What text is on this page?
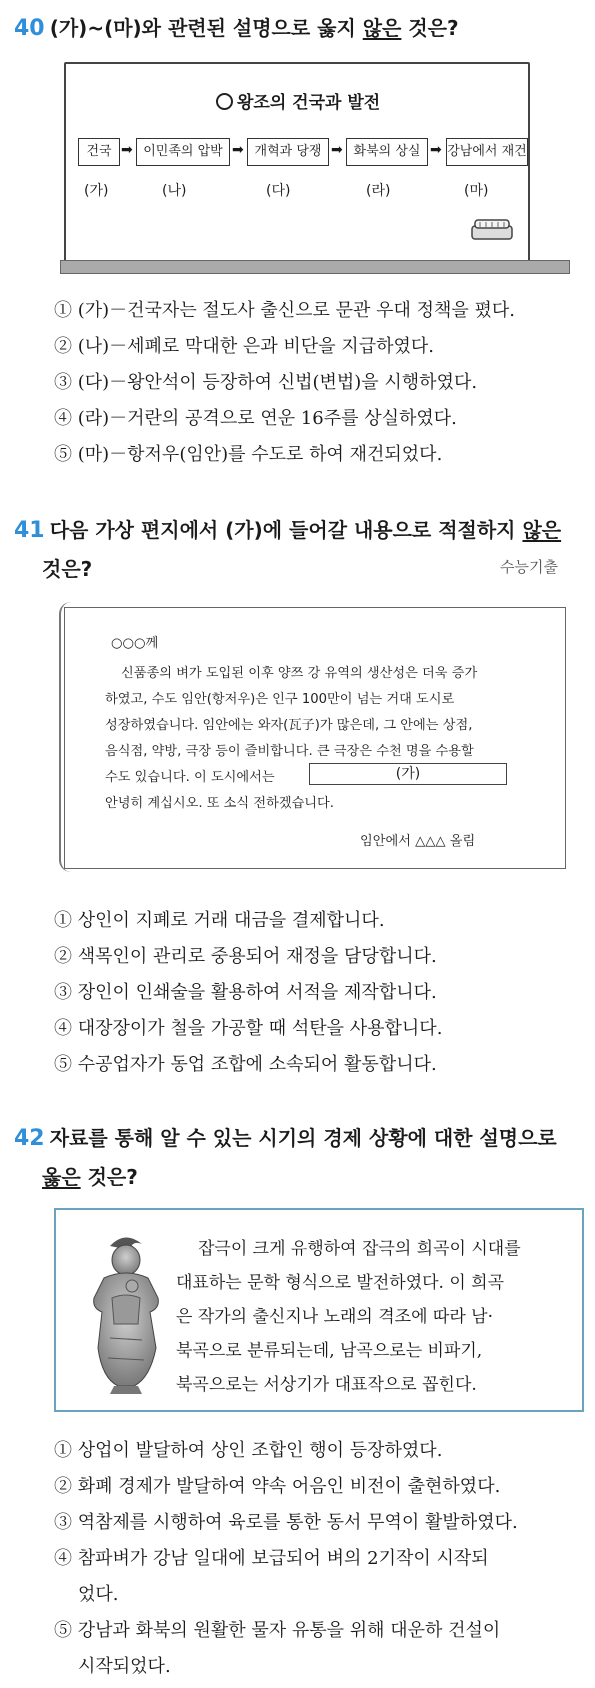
40 (가)~(마)와 관련된 설명으로 옳지 않은 것은?
왕조의 건국과 발전
건국 ➡ 이민족의 압박 ➡ 개혁과 당쟁 ➡ 화북의 상실 ➡ 강남에서 재건
(가)	(나)	(다)	(라)	(마)
① (가)－건국자는 절도사 출신으로 문관 우대 정책을 폈다.
② (나)－세폐로 막대한 은과 비단을 지급하였다.
③ (다)－왕안석이 등장하여 신법(변법)을 시행하였다.
④ (라)－거란의 공격으로 연운 16주를 상실하였다.
⑤ (마)－항저우(임안)를 수도로 하여 재건되었다.
41 다음 가상 편지에서 (가)에 들어갈 내용으로 적절하지 않은
것은?	수능기출
○○○께
신품종의 벼가 도입된 이후 양쯔 강 유역의 생산성은 더욱 증가
하였고, 수도 임안(항저우)은 인구 100만이 넘는 거대 도시로
성장하였습니다. 임안에는 와자(瓦子)가 많은데, 그 안에는 상점,
음식점, 약방, 극장 등이 즐비합니다. 큰 극장은 수천 명을 수용할
수도 있습니다. 이 도시에서는	(가)
안녕히 계십시오. 또 소식 전하겠습니다.
임안에서 △△△ 올림
① 상인이 지폐로 거래 대금을 결제합니다.
② 색목인이 관리로 중용되어 재정을 담당합니다.
③ 장인이 인쇄술을 활용하여 서적을 제작합니다.
④ 대장장이가 철을 가공할 때 석탄을 사용합니다.
⑤ 수공업자가 동업 조합에 소속되어 활동합니다.
42 자료를 통해 알 수 있는 시기의 경제 상황에 대한 설명으로
옳은 것은?
잡극이 크게 유행하여 잡극의 희곡이 시대를
대표하는 문학 형식으로 발전하였다. 이 희곡
은 작가의 출신지나 노래의 격조에 따라 남·
북곡으로 분류되는데, 남곡으로는 비파기,
북곡으로는 서상기가 대표작으로 꼽힌다.
① 상업이 발달하여 상인 조합인 행이 등장하였다.
② 화폐 경제가 발달하여 약속 어음인 비전이 출현하였다.
③ 역참제를 시행하여 육로를 통한 동서 무역이 활발하였다.
④ 참파벼가 강남 일대에 보급되어 벼의 2기작이 시작되
었다.
⑤ 강남과 화북의 원활한 물자 유통을 위해 대운하 건설이
시작되었다.
